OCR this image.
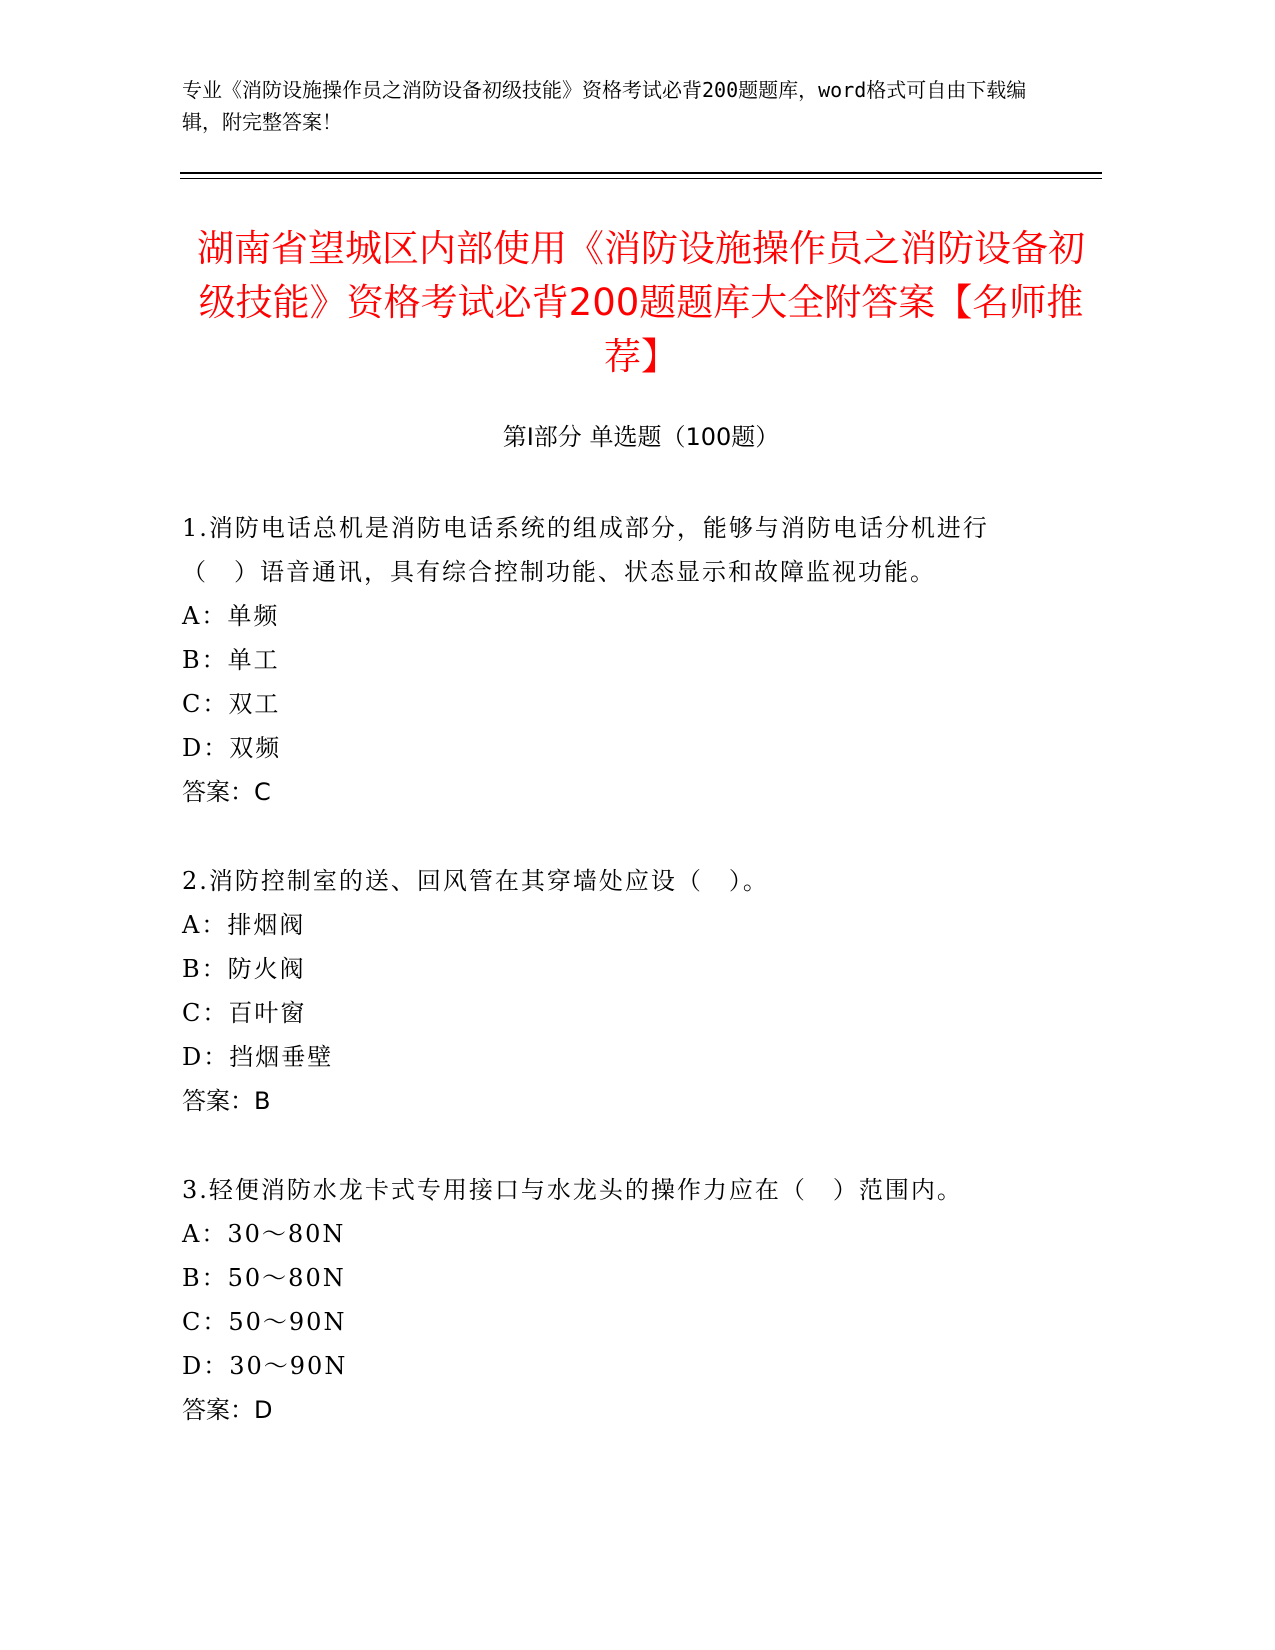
专业《消防设施操作员之消防设备初级技能》资格考试必背200题题库，word格式可自由下载编辑，附完整答案！
湖南省望城区内部使用《消防设施操作员之消防设备初级技能》资格考试必背200题题库大全附答案【名师推荐】
第Ⅰ部分 单选题（100题）
1.消防电话总机是消防电话系统的组成部分，能够与消防电话分机进行（　）语音通讯，具有综合控制功能、状态显示和故障监视功能。
A：单频
B：单工
C：双工
D：双频
答案：C
2.消防控制室的送、回风管在其穿墙处应设（　）。
A：排烟阀
B：防火阀
C：百叶窗
D：挡烟垂壁
答案：B
3.轻便消防水龙卡式专用接口与水龙头的操作力应在（　）范围内。
A：30～80N
B：50～80N
C：50～90N
D：30～90N
答案：D
